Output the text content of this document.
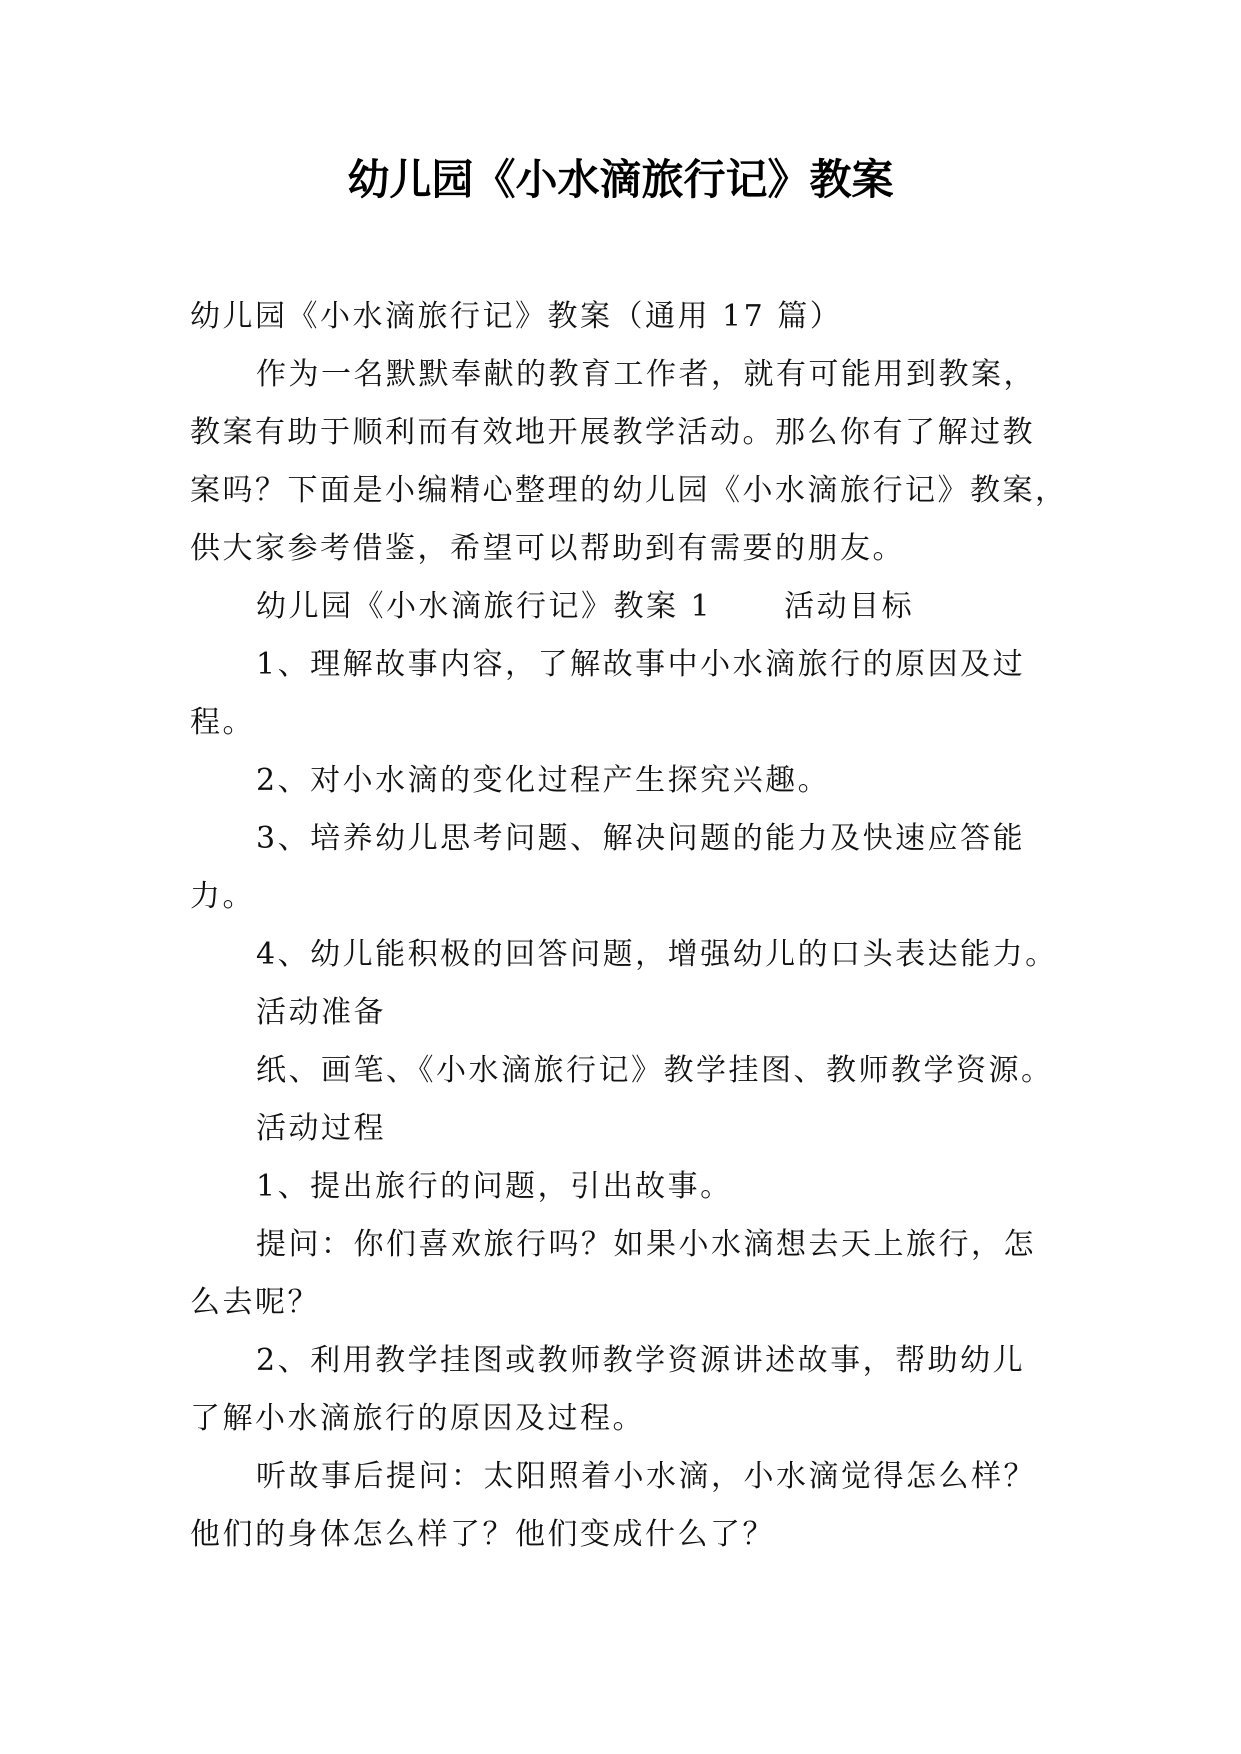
幼儿园《小水滴旅行记》教案

幼儿园《小水滴旅行记》教案（通用 17 篇）

作为一名默默奉献的教育工作者，就有可能用到教案，

教案有助于顺利而有效地开展教学活动。那么你有了解过教

案吗？下面是小编精心整理的幼儿园《小水滴旅行记》教案，

供大家参考借鉴，希望可以帮助到有需要的朋友。

幼儿园《小水滴旅行记》教案 1 活动目标

1、理解故事内容，了解故事中小水滴旅行的原因及过

程。

2、对小水滴的变化过程产生探究兴趣。

3、培养幼儿思考问题、解决问题的能力及快速应答能

力。

4、幼儿能积极的回答问题，增强幼儿的口头表达能力。

活动准备

纸、画笔、《小水滴旅行记》教学挂图、教师教学资源。

活动过程

1、提出旅行的问题，引出故事。

提问：你们喜欢旅行吗？如果小水滴想去天上旅行，怎

么去呢？

2、利用教学挂图或教师教学资源讲述故事，帮助幼儿

了解小水滴旅行的原因及过程。

听故事后提问：太阳照着小水滴，小水滴觉得怎么样？

他们的身体怎么样了？他们变成什么了？
